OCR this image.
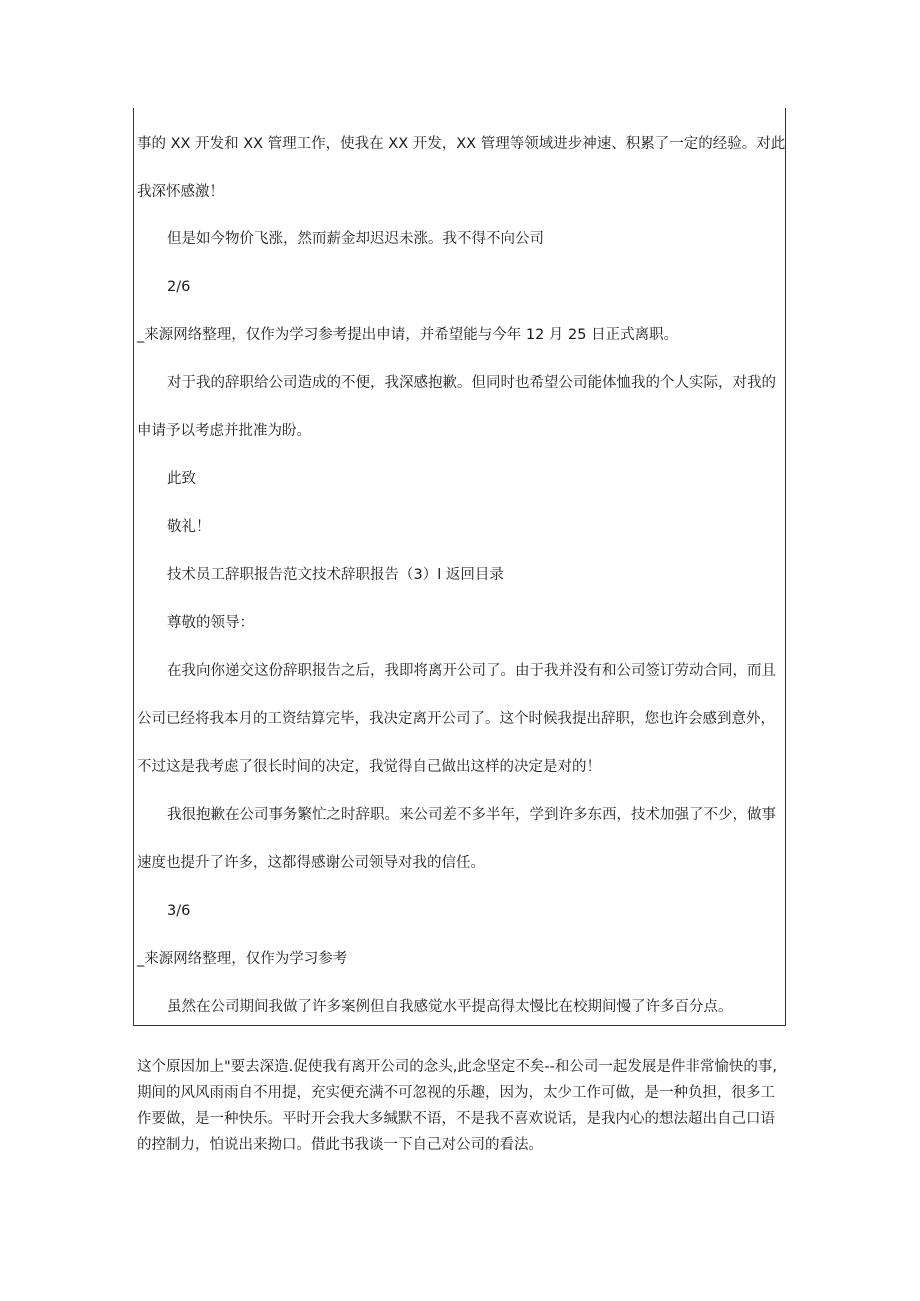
事的 XX 开发和 XX 管理工作，使我在 XX 开发，XX 管理等领域进步神速、积累了一定的经验。对此
我深怀感激！
但是如今物价飞涨，然而薪金却迟迟未涨。我不得不向公司
2/6
_来源网络整理，仅作为学习参考提出申请，并希望能与今年 12 月 25 日正式离职。
对于我的辞职给公司造成的不便，我深感抱歉。但同时也希望公司能体恤我的个人实际，对我的
申请予以考虑并批准为盼。
此致
敬礼！
技术员工辞职报告范文技术辞职报告（3）l 返回目录
尊敬的领导：
在我向你递交这份辞职报告之后，我即将离开公司了。由于我并没有和公司签订劳动合同，而且
公司已经将我本月的工资结算完毕，我决定离开公司了。这个时候我提出辞职，您也许会感到意外，
不过这是我考虑了很长时间的决定，我觉得自己做出这样的决定是对的！
我很抱歉在公司事务繁忙之时辞职。来公司差不多半年，学到许多东西，技术加强了不少，做事
速度也提升了许多，这都得感谢公司领导对我的信任。
3/6
_来源网络整理，仅作为学习参考
虽然在公司期间我做了许多案例但自我感觉水平提高得太慢比在校期间慢了许多百分点。
这个原因加上"要去深造.促使我有离开公司的念头,此念坚定不矣--和公司一起发展是件非常愉快的事,
期间的风风雨雨自不用提，充实便充满不可忽视的乐趣，因为，太少工作可做，是一种负担，很多工
作要做，是一种快乐。平时开会我大多缄默不语，不是我不喜欢说话，是我内心的想法超出自己口语
的控制力，怕说出来拗口。借此书我谈一下自己对公司的看法。
